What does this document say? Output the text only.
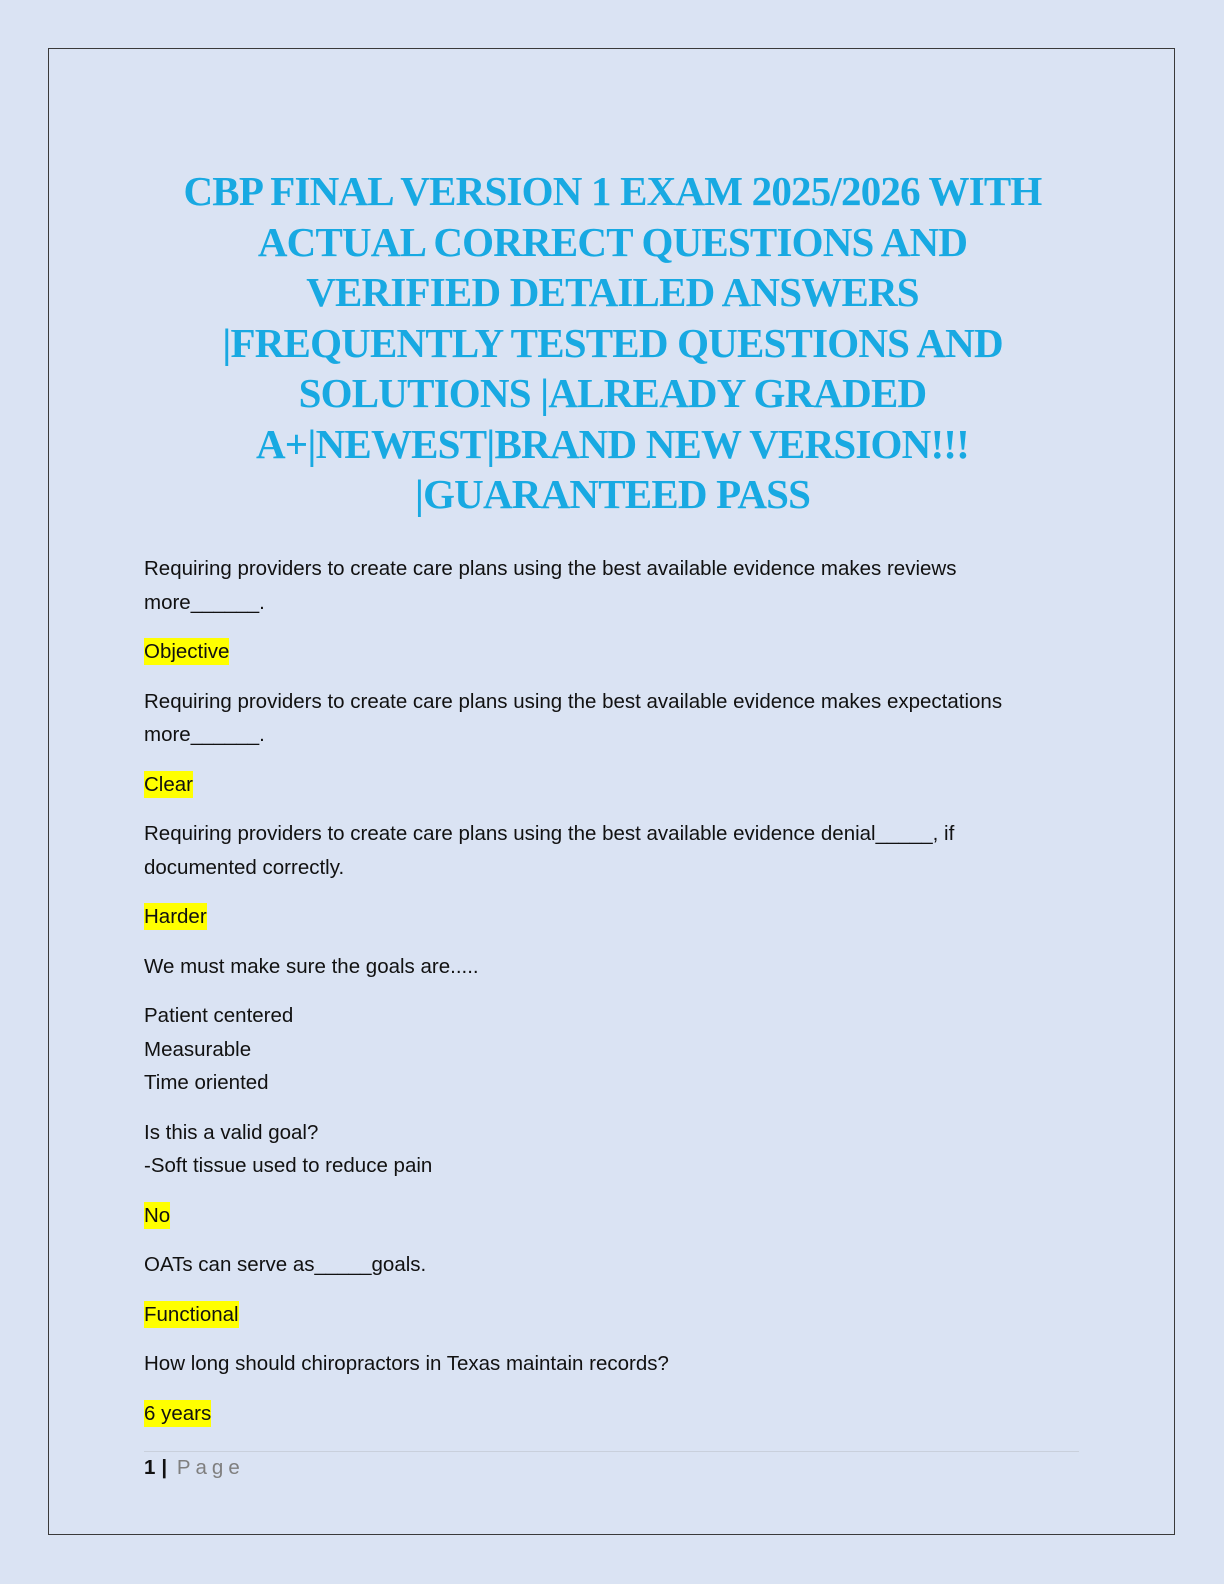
CBP FINAL VERSION 1 EXAM 2025/2026 WITH
ACTUAL CORRECT QUESTIONS AND
VERIFIED DETAILED ANSWERS
|FREQUENTLY TESTED QUESTIONS AND
SOLUTIONS |ALREADY GRADED
A+|NEWEST|BRAND NEW VERSION!!!
|GUARANTEED PASS

Requiring providers to create care plans using the best available evidence makes reviews
more______.

Objective

Requiring providers to create care plans using the best available evidence makes expectations
more______.

Clear

Requiring providers to create care plans using the best available evidence denial_____, if
documented correctly.

Harder

We must make sure the goals are.....

Patient centered
Measurable
Time oriented

Is this a valid goal?
-Soft tissue used to reduce pain

No

OATs can serve as_____goals.

Functional

How long should chiropractors in Texas maintain records?

6 years

1 | Page
